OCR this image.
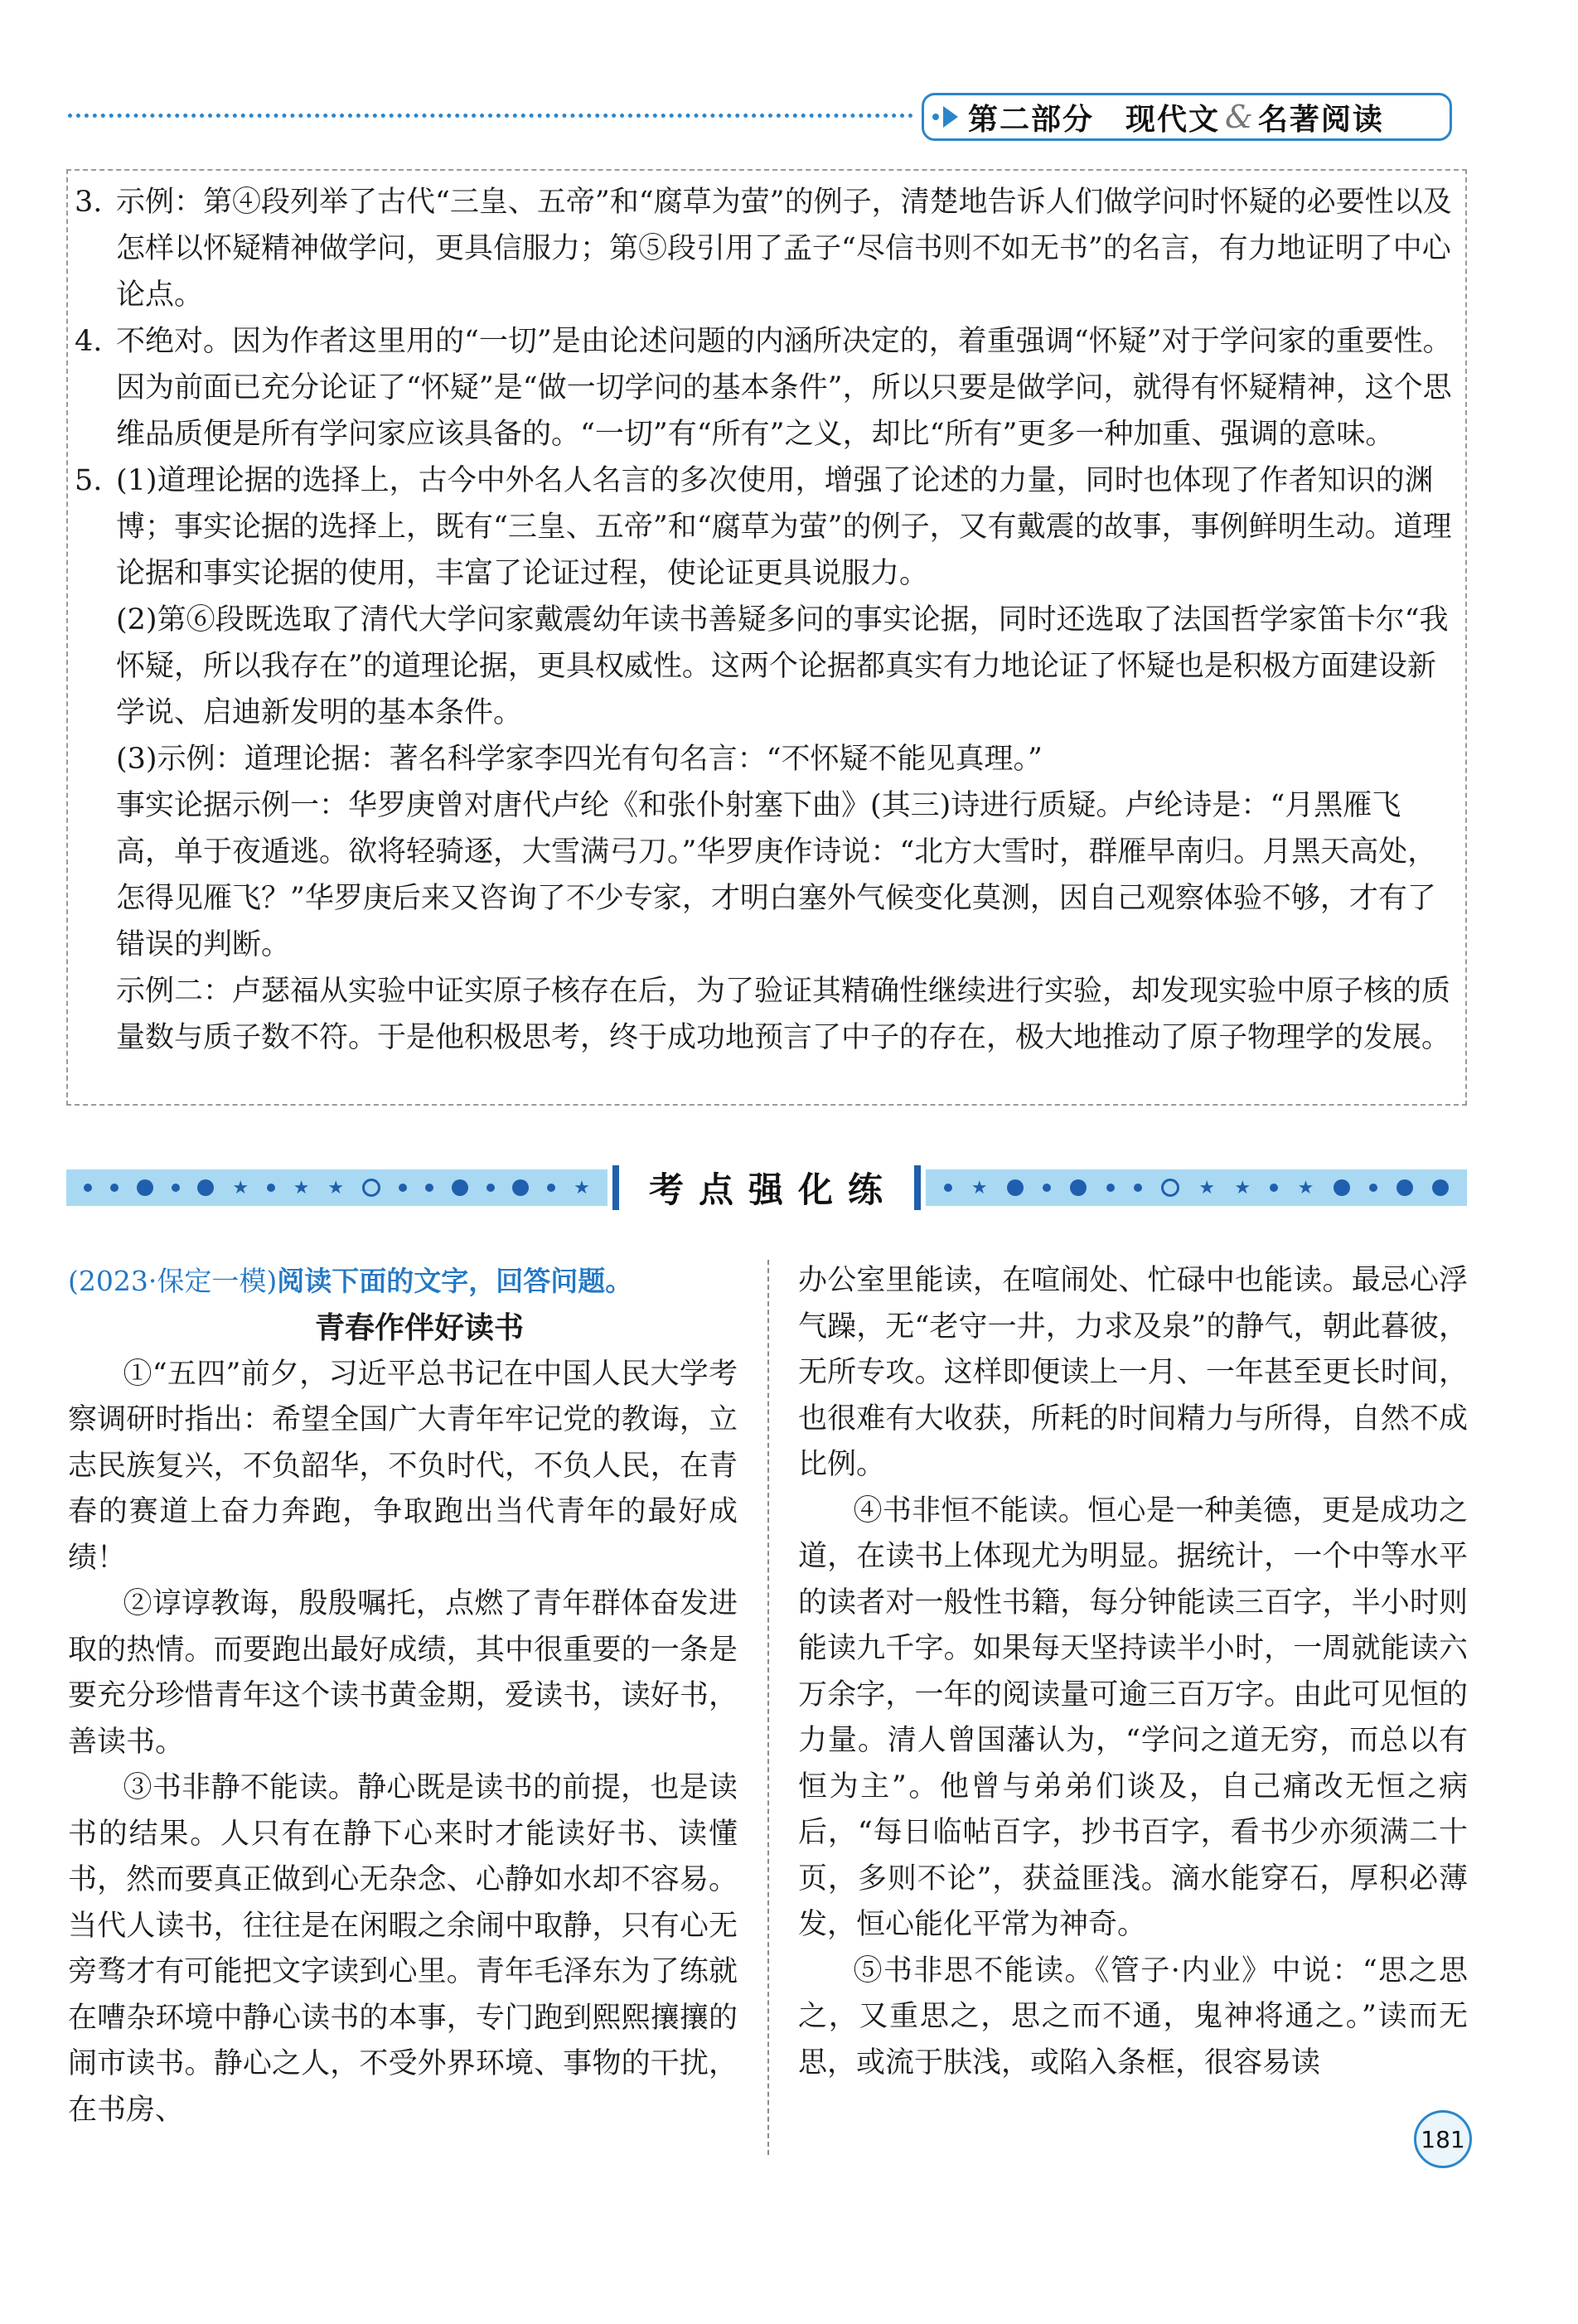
第二部分 现代文 & 名著阅读
3. 示例：第④段列举了古代“三皇、五帝”和“腐草为萤”的例子，清楚地告诉人们做学问时怀疑的必要性以及怎样以怀疑精神做学问，更具信服力；第⑤段引用了孟子“尽信书则不如无书”的名言，有力地证明了中心论点。

4. 不绝对。因为作者这里用的“一切”是由论述问题的内涵所决定的，着重强调“怀疑”对于学问家的重要性。因为前面已充分论证了“怀疑”是“做一切学问的基本条件”，所以只要是做学问，就得有怀疑精神，这个思维品质便是所有学问家应该具备的。“一切”有“所有”之义，却比“所有”更多一种加重、强调的意味。

5. (1)道理论据的选择上，古今中外名人名言的多次使用，增强了论述的力量，同时也体现了作者知识的渊博；事实论据的选择上，既有“三皇、五帝”和“腐草为萤”的例子，又有戴震的故事，事例鲜明生动。道理论据和事实论据的使用，丰富了论证过程，使论证更具说服力。

(2)第⑥段既选取了清代大学问家戴震幼年读书善疑多问的事实论据，同时还选取了法国哲学家笛卡尔“我怀疑，所以我存在”的道理论据，更具权威性。这两个论据都真实有力地论证了怀疑也是积极方面建设新学说、启迪新发明的基本条件。

(3)示例：道理论据：著名科学家李四光有句名言：“不怀疑不能见真理。”

事实论据示例一：华罗庚曾对唐代卢纶《和张仆射塞下曲》(其三)诗进行质疑。卢纶诗是：“月黑雁飞高，单于夜遁逃。欲将轻骑逐，大雪满弓刀。”华罗庚作诗说：“北方大雪时，群雁早南归。月黑天高处，怎得见雁飞？”华罗庚后来又咨询了不少专家，才明白塞外气候变化莫测，因自己观察体验不够，才有了错误的判断。

示例二：卢瑟福从实验中证实原子核存在后，为了验证其精确性继续进行实验，却发现实验中原子核的质量数与质子数不符。于是他积极思考，终于成功地预言了中子的存在，极大地推动了原子物理学的发展。

★ ★ ★	★	考点强化练	★	★ ★	★

(2023·保定一模)阅读下面的文字，回答问题。

青春作伴好读书

①“五四”前夕，习近平总书记在中国人民大学考察调研时指出：希望全国广大青年牢记党的教诲，立志民族复兴，不负韶华，不负时代，不负人民，在青春的赛道上奋力奔跑，争取跑出当代青年的最好成绩！

②谆谆教诲，殷殷嘱托，点燃了青年群体奋发进取的热情。而要跑出最好成绩，其中很重要的一条是要充分珍惜青年这个读书黄金期，爱读书，读好书，善读书。

③书非静不能读。静心既是读书的前提，也是读书的结果。人只有在静下心来时才能读好书、读懂书，然而要真正做到心无杂念、心静如水却不容易。当代人读书，往往是在闲暇之余闹中取静，只有心无旁骛才有可能把文字读到心里。青年毛泽东为了练就在嘈杂环境中静心读书的本事，专门跑到熙熙攘攘的闹市读书。静心之人，不受外界环境、事物的干扰，在书房、

办公室里能读，在喧闹处、忙碌中也能读。最忌心浮气躁，无“老守一井，力求及泉”的静气，朝此暮彼，无所专攻。这样即便读上一月、一年甚至更长时间，也很难有大收获，所耗的时间精力与所得，自然不成比例。

④书非恒不能读。恒心是一种美德，更是成功之道，在读书上体现尤为明显。据统计，一个中等水平的读者对一般性书籍，每分钟能读三百字，半小时则能读九千字。如果每天坚持读半小时，一周就能读六万余字，一年的阅读量可逾三百万字。由此可见恒的力量。清人曾国藩认为，“学问之道无穷，而总以有恒为主”。他曾与弟弟们谈及，自己痛改无恒之病后，“每日临帖百字，抄书百字，看书少亦须满二十页，多则不论”，获益匪浅。滴水能穿石，厚积必薄发，恒心能化平常为神奇。

⑤书非思不能读。《管子·内业》中说：“思之思之，又重思之，思之而不通，鬼神将通之。”读而无思，或流于肤浅，或陷入条框，很容易读

181
